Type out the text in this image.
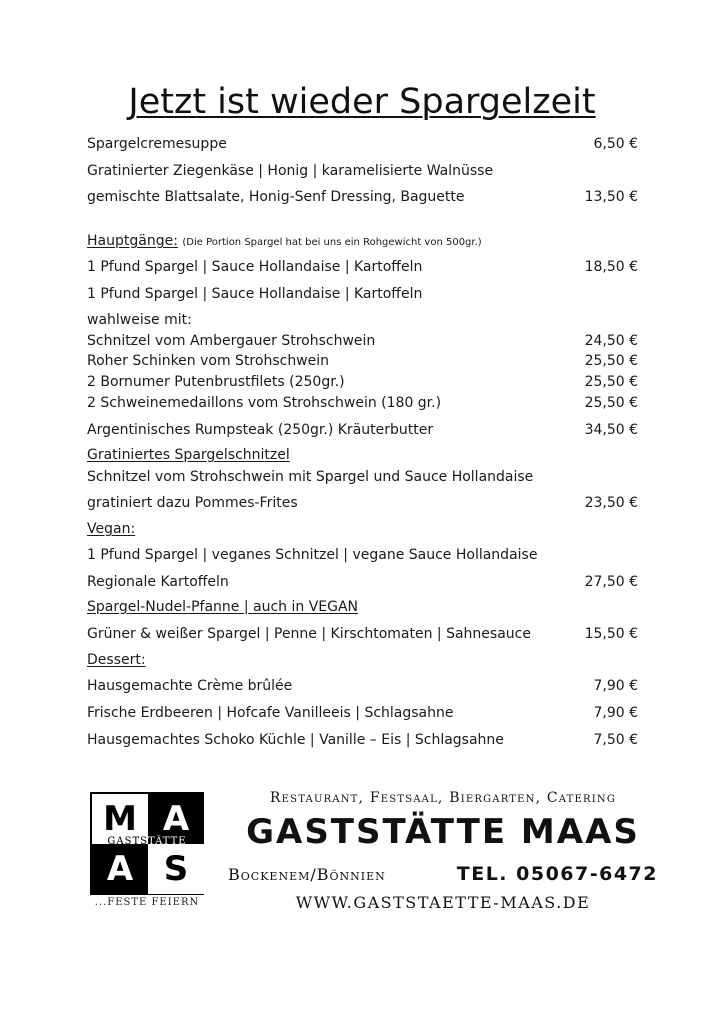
Jetzt ist wieder Spargelzeit
Spargelcremesuppe	6,50 €
Gratinierter Ziegenkäse | Honig | karamelisierte Walnüsse
gemischte Blattsalate, Honig-Senf Dressing, Baguette	13,50 €
Hauptgänge: (Die Portion Spargel hat bei uns ein Rohgewicht von 500gr.)
1 Pfund Spargel | Sauce Hollandaise | Kartoffeln	18,50 €
1 Pfund Spargel | Sauce Hollandaise | Kartoffeln
wahlweise mit:
Schnitzel vom Ambergauer Strohschwein	24,50 €
Roher Schinken vom Strohschwein	25,50 €
2 Bornumer Putenbrustfilets (250gr.)	25,50 €
2 Schweinemedaillons vom Strohschwein (180 gr.)	25,50 €
Argentinisches Rumpsteak (250gr.) Kräuterbutter	34,50 €
Gratiniertes Spargelschnitzel
Schnitzel vom Strohschwein mit Spargel und Sauce Hollandaise
gratiniert dazu Pommes-Frites	23,50 €
Vegan:
1 Pfund Spargel | veganes Schnitzel | vegane Sauce Hollandaise
Regionale Kartoffeln	27,50 €
Spargel-Nudel-Pfanne | auch in VEGAN
Grüner & weißer Spargel | Penne | Kirschtomaten | Sahnesauce	15,50 €
Dessert:
Hausgemachte Crème brûlée	7,90 €
Frische Erdbeeren | Hofcafe Vanilleeis | Schlagsahne	7,90 €
Hausgemachtes Schoko Küchle | Vanille – Eis | Schlagsahne	7,50 €
M A
A S
GASTSTÄTTE
...FESTE FEIERN
Restaurant, Festsaal, Biergarten, Catering
GASTSTÄTTE MAAS
Bockenem/Bönnien	TEL. 05067-6472
WWW.GASTSTAETTE-MAAS.DE
